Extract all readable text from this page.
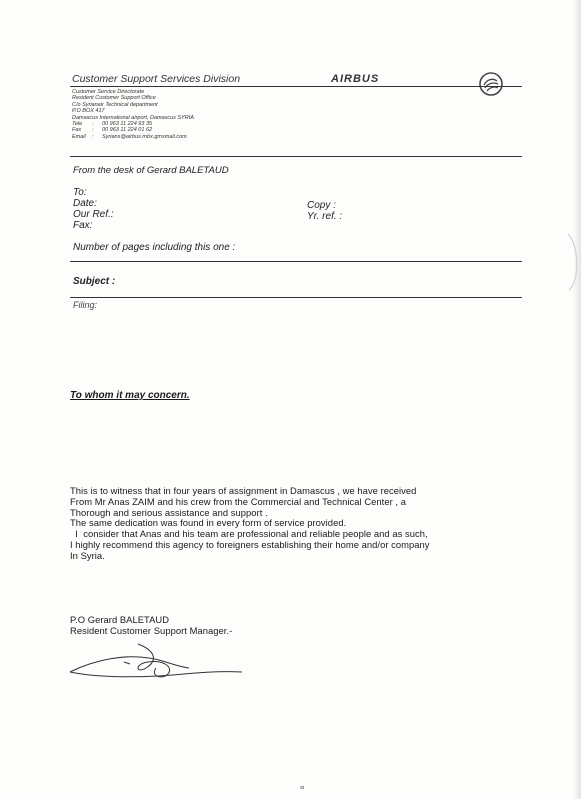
Customer Support Services Division	AIRBUS
Customer Service Directorate
Resident Customer Support Office
C/o Syrianair Technical department
P.O BOX 417
Damascus International airport, Damascus SYRIA
Tele	:	00 963 11 224 93 35
Fax	:	00 963 11 224 01 62
Email	:	Syrians@airbus.mbx.gmsmail.com
From the desk of Gerard BALETAUD
To:
Date:
Our Ref.:
Fax:
Copy :
Yr. ref. :
Number of pages including this one :
Subject :
Filing:
To whom it may concern.
This is to witness that in four years of assignment in Damascus , we have received
From Mr Anas ZAIM and his crew from the Commercial and Technical Center , a
Thorough and serious assistance and support .
The same dedication was found in every form of service provided.
I  consider that Anas and his team are professional and reliable people and as such,
I highly recommend this agency to foreigners establishing their home and/or company
In Syria.
P.O Gerard BALETAUD
Resident Customer Support Manager.-
ⴰ
